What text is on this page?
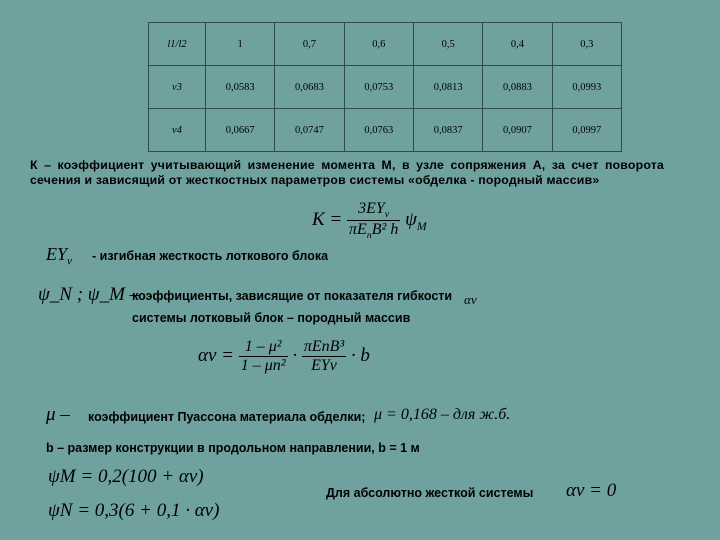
l1/l2	1	0,7	0,6	0,5	0,4	0,3
ν3	0,0583	0,0683	0,0753	0,0813	0,0883	0,0993
ν4	0,0667	0,0747	0,0763	0,0837	0,0907	0,0997
К – коэффициент учитывающий изменение момента М, в узле сопряжения А, за счет поворота сечения и зависящий от жесткостных параметров системы «обделка - породный массив»
$K = \frac{3EY_\nu}{\pi E_nB^2 h} \psi_M$
$EY_\nu$ - изгибная жесткость лоткового блока
ψ_N ; ψ_M –
коэффициенты, зависящие от показателя гибкости αν
системы лотковый блок – породный массив
$\alpha\nu = \frac{\text{1 – μ²}}{\text{1 – μn²}} \cdot \frac{\text{πEnB³}}{\text{EYν}} \cdot b$
μ – коэффициент Пуассона материала обделки; μ = 0,168 – для ж.б.
b – размер конструкции в продольном направлении, b = 1 м
ψM = 0,2(100 + αν)
ψN = 0,3(6 + 0,1 · αν)
Для абсолютно жесткой системы αν = 0
